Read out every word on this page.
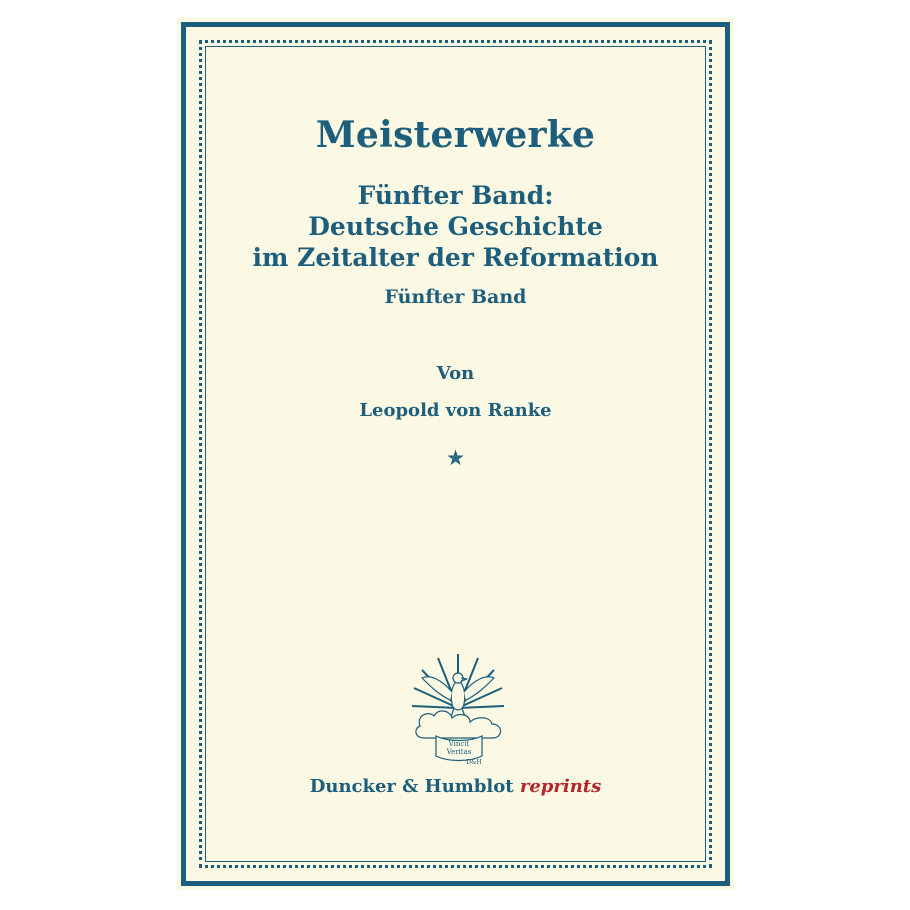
Meisterwerke
Fünfter Band:
Deutsche Geschichte
im Zeitalter der Reformation
Fünfter Band
Von
Leopold von Ranke
✯
Vincit
Veritas
D&H
Duncker & Humblot reprints
